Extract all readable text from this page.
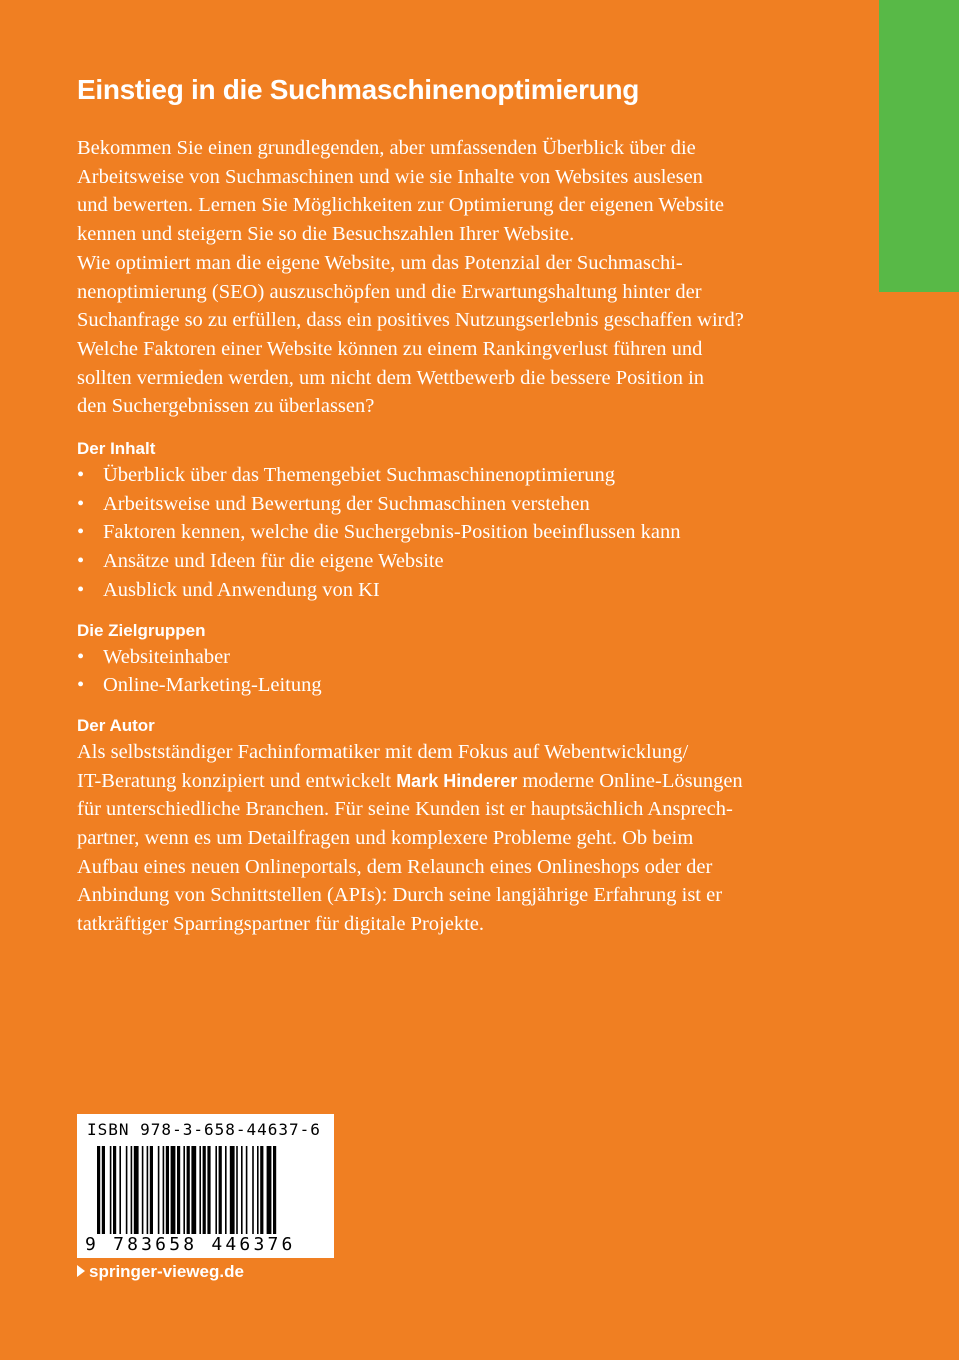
Einstieg in die Suchmaschinenoptimierung

Bekommen Sie einen grundlegenden, aber umfassenden Überblick über die
Arbeitsweise von Suchmaschinen und wie sie Inhalte von Websites auslesen
und bewerten. Lernen Sie Möglichkeiten zur Optimierung der eigenen Website
kennen und steigern Sie so die Besuchszahlen Ihrer Website.
Wie optimiert man die eigene Website, um das Potenzial der Suchmaschi-
nenoptimierung (SEO) auszuschöpfen und die Erwartungshaltung hinter der
Suchanfrage so zu erfüllen, dass ein positives Nutzungserlebnis geschaffen wird?
Welche Faktoren einer Website können zu einem Rankingverlust führen und
sollten vermieden werden, um nicht dem Wettbewerb die bessere Position in
den Suchergebnissen zu überlassen?

Der Inhalt
• Überblick über das Themengebiet Suchmaschinenoptimierung
• Arbeitsweise und Bewertung der Suchmaschinen verstehen
• Faktoren kennen, welche die Suchergebnis-Position beeinflussen kann
• Ansätze und Ideen für die eigene Website
• Ausblick und Anwendung von KI
Die Zielgruppen
• Websiteinhaber
• Online-Marketing-Leitung
Der Autor

Als selbstständiger Fachinformatiker mit dem Fokus auf Webentwicklung/
IT-Beratung konzipiert und entwickelt Mark Hinderer moderne Online-Lösungen
für unterschiedliche Branchen. Für seine Kunden ist er hauptsächlich Ansprech-
partner, wenn es um Detailfragen und komplexere Probleme geht. Ob beim
Aufbau eines neuen Onlineportals, dem Relaunch eines Onlineshops oder der
Anbindung von Schnittstellen (APIs): Durch seine langjährige Erfahrung ist er
tatkräftiger Sparringspartner für digitale Projekte.

ISBN 978-3-658-44637-6
9 783658 446376
springer-vieweg.de
